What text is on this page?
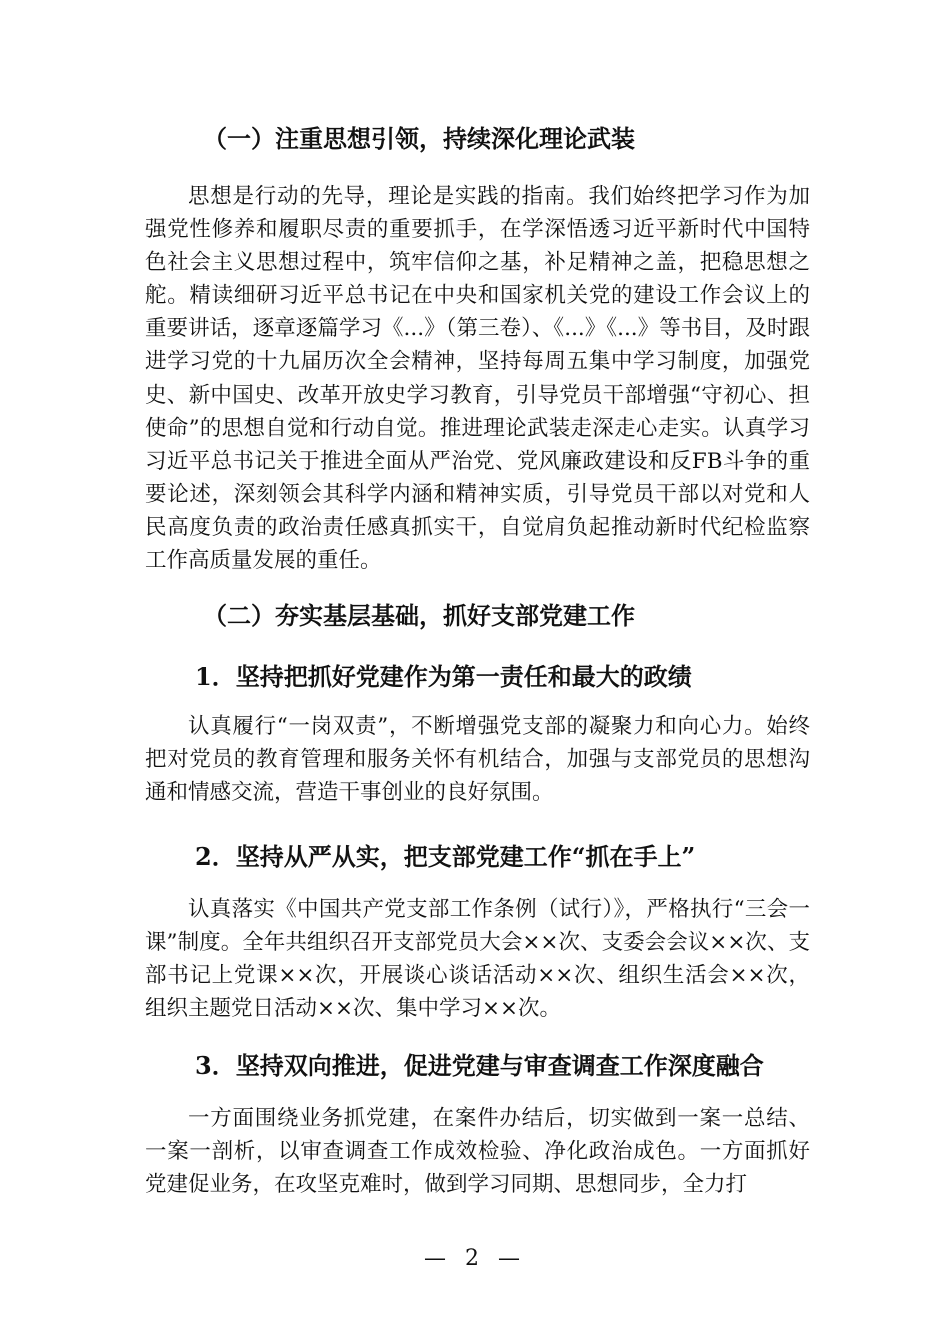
（一）注重思想引领，持续深化理论武装

思想是行动的先导，理论是实践的指南。我们始终把学习作为加强党性修养和履职尽责的重要抓手，在学深悟透习近平新时代中国特色社会主义思想过程中，筑牢信仰之基，补足精神之盖，把稳思想之舵。精读细研习近平总书记在中央和国家机关党的建设工作会议上的重要讲话，逐章逐篇学习《...》（第三卷）、《...》《...》等书目，及时跟进学习党的十九届历次全会精神，坚持每周五集中学习制度，加强党史、新中国史、改革开放史学习教育，引导党员干部增强“守初心、担使命”的思想自觉和行动自觉。推进理论武装走深走心走实。认真学习习近平总书记关于推进全面从严治党、党风廉政建设和反FB斗争的重要论述，深刻领会其科学内涵和精神实质，引导党员干部以对党和人民高度负责的政治责任感真抓实干，自觉肩负起推动新时代纪检监察工作高质量发展的重任。

（二）夯实基层基础，抓好支部党建工作
1．坚持把抓好党建作为第一责任和最大的政绩

认真履行“一岗双责”，不断增强党支部的凝聚力和向心力。始终把对党员的教育管理和服务关怀有机结合，加强与支部党员的思想沟通和情感交流，营造干事创业的良好氛围。

2．坚持从严从实，把支部党建工作“抓在手上”

认真落实《中国共产党支部工作条例（试行）》，严格执行“三会一课”制度。全年共组织召开支部党员大会××次、支委会会议××次、支部书记上党课××次，开展谈心谈话活动××次、组织生活会××次，组织主题党日活动××次、集中学习××次。

3．坚持双向推进，促进党建与审查调查工作深度融合

一方面围绕业务抓党建，在案件办结后，切实做到一案一总结、一案一剖析，以审查调查工作成效检验、净化政治成色。一方面抓好党建促业务，在攻坚克难时，做到学习同期、思想同步，全力打

— 2 —
